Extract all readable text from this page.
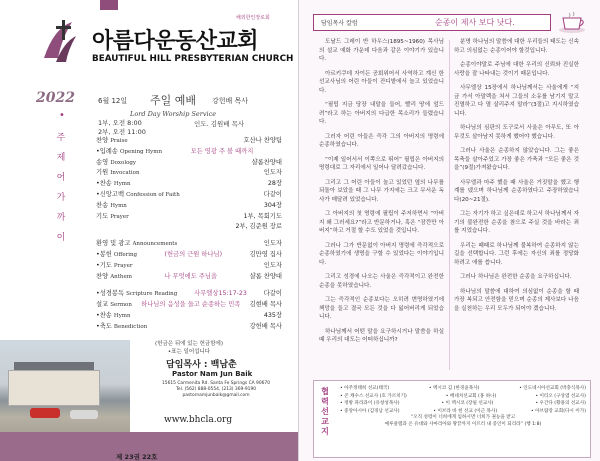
해외한인장로회
아름다운동산교회
BEAUTIFUL HILL PRESBYTERIAN CHURCH
2022
•
주
제
어
가
까
이
6월 12일 주일 예배 강헌배 목사
Lord Day Worship Service
1부, 오전 8:00
2부, 오전 11:00
인도. 김원배 목사
찬양 Praise	호산나 찬양팀
•입례송 Opening Hymn	모든 영광 주 볼 때까지
송영 Doxology	샬롬찬양대
기원 Invocation	인도자
•찬송 Hymn	28장
•신앙고백 Confession of Faith	다같이
찬송 Hymn	304장
기도 Prayer	1부, 목회기도
2부, 김준원 장로
환영 및 광고 Announcements	인도자
•봉헌 Offering	(헌금의 근원 하나님)	김만영 집사
•기도 Prayer	인도자
찬양 Anthem	나 무엇에도 주님을	샬롬 찬양대
•성경봉독 Scripture Reading	사무엘상15:17-23	다같이
설교 Sermon 하나님의 음성을 들고 순종하는 민족 김현배 목사
•찬송 Hymn	435장
•축도 Benediction	강헌배 목사
(헌금은 뒤에 있는 헌금함에)
•표는 일어섭니다
담임목사 : 백남춘
Pastor Nam Jun Baik
15615 Carmenita Rd. Santa Fe Springs CA 90670
Tel. (562) 888-0554, (213) 369-9190
pastornamjunbaik@gmail.com
www.bhcla.org
제 23권 22호
담임목사 칼럼	순종이 제사 보다 낫다.

도날드 그레이 반 하우스(1895~1960) 목사님의 설교 예화 가운데 다음과 같은 이야기가 있습니다.

아르키쿠데 자이든 공회위어서 사역하고 계신 한 선교사님의 어린 아들이 잔디밭에서 놀고 있었습니다.

“필립 지금 당장 내말을 들어, 빨리 땅에 엎드려”라고 하는 아버지의 다급한 목소리가 들렸습니다.

그러자 어린 아들은 즉각 그의 아버지의 명령에 순종하였습니다.

“이제 일어서서 이쪽으로 뛰어” 필립은 아버지의 명령대로 그 자리에서 일어나 달려갔습니다.

그리고 그 어린 아들이 놀고 있었던 옆의 나무를 되돌아 보았을 때 그 나무 가지에는 크고 무서운 독사가 매달려 있었습니다.

그 아버지의 첫 명령에 필립이 주저하면서 “아버지 왜 그러세요?”라고 반문하거나, 혹은 “잠깐만 아버지”하고 거절 할 수도 있었을 것입니다.

그러나 그가 반문없이 아버지 명령에 즉각적으로 순종하였기에 생명을 구할 수 있었다는 이야기입니다.

그리고 성경에 나오는 사울은 즉각적이고 완전한 순종을 못하였습니다.

그는 즉각적인 순종보다는 오히려 변명하였기에 책망을 들고 결국 모든 것을 다 잃어버리게 되었습니다.

하나님께서 어떤 말을 요구하시거나 말씀을 하실때 우리의 대도는 어떠하십니까?

분명 하나님의 말씀에 대한 우리들의 태도는 신속 하고 의심없는 순종이어야 할것입니다.

순종이야말로 주님에 대한 우리의 신뢰와 진실한 사랑을 잘 나타내는 것이기 때문입니다.

사무엘상 15장에서 하나님께서는 사울에게 “지금 가서 아말렉을 쳐서 그들의 소유를 남기지 말고 진멸하고 다 멸 살리주지 말라”(3절)고 지시하였습니다.

하나님의 심판의 도구로서 사울은 아무도, 또 아무것도 살아남지 못하게 했어야 했습니다.

그러나 사울은 순종하지 않았습니다. 그는 좋은 목축들 살아주었고 가장 좋은 가축과 “모든 좋은 것을”(9절)가져왔습니다.

사무엘과 마주 했을 때 사울은 거짓말을 했고 행계를 댔으며 하나님께 순종하였다고 주장하였습니다(20~21절).

그는 자기가 하고 싶은대로 하고서 하나님께서 자기의 불완전한 순종을 참으로 주실 것을 바라는 죄를 지었습니다.

우리는 때때로 하나님께 불복하여 순종하지 않는 길을 선택합니다. 그런 후에는 자신의 죄를 정당화하려고 애를 씁니다.

그러나 하나님은 완전한 순종을 요구하십니다.

하나님의 말씀에 대하여 의심없이 순종을 할 때 가장 복되고 안전함을 믿으며 순종의 제사보다 나음을 실천하는 우리 모두가 되어야 겠습니다.

협
력
선
교
지
• 아주정태희 선교(태국)	• 멕시코 김 (한경윤목사)	• 인도네시아선교회 (박충식목사)
• 콘 캐수스 선교사 (호 가르치기)	• 베네치선교회 (홍 하나)	• 이티오 (구상엽 선교사)
• 정방 파라과이 (유창성목사)	• 이 멕시코 (장필 선교사)	• 우간다 (황용의 선교사)
• 중앙아시아 (김경남 선교사)	• 이브라 바 헌 선교 (이근 목사)	• 아브람장 교회(다시 이가)
“오직 성령이 너희에게 임하시면 너희가 권능을 받고
예루살렘과 온 유대와 사마리아와 땅끝까지 이르러 내 증인이 되리라” (행 1:8)
